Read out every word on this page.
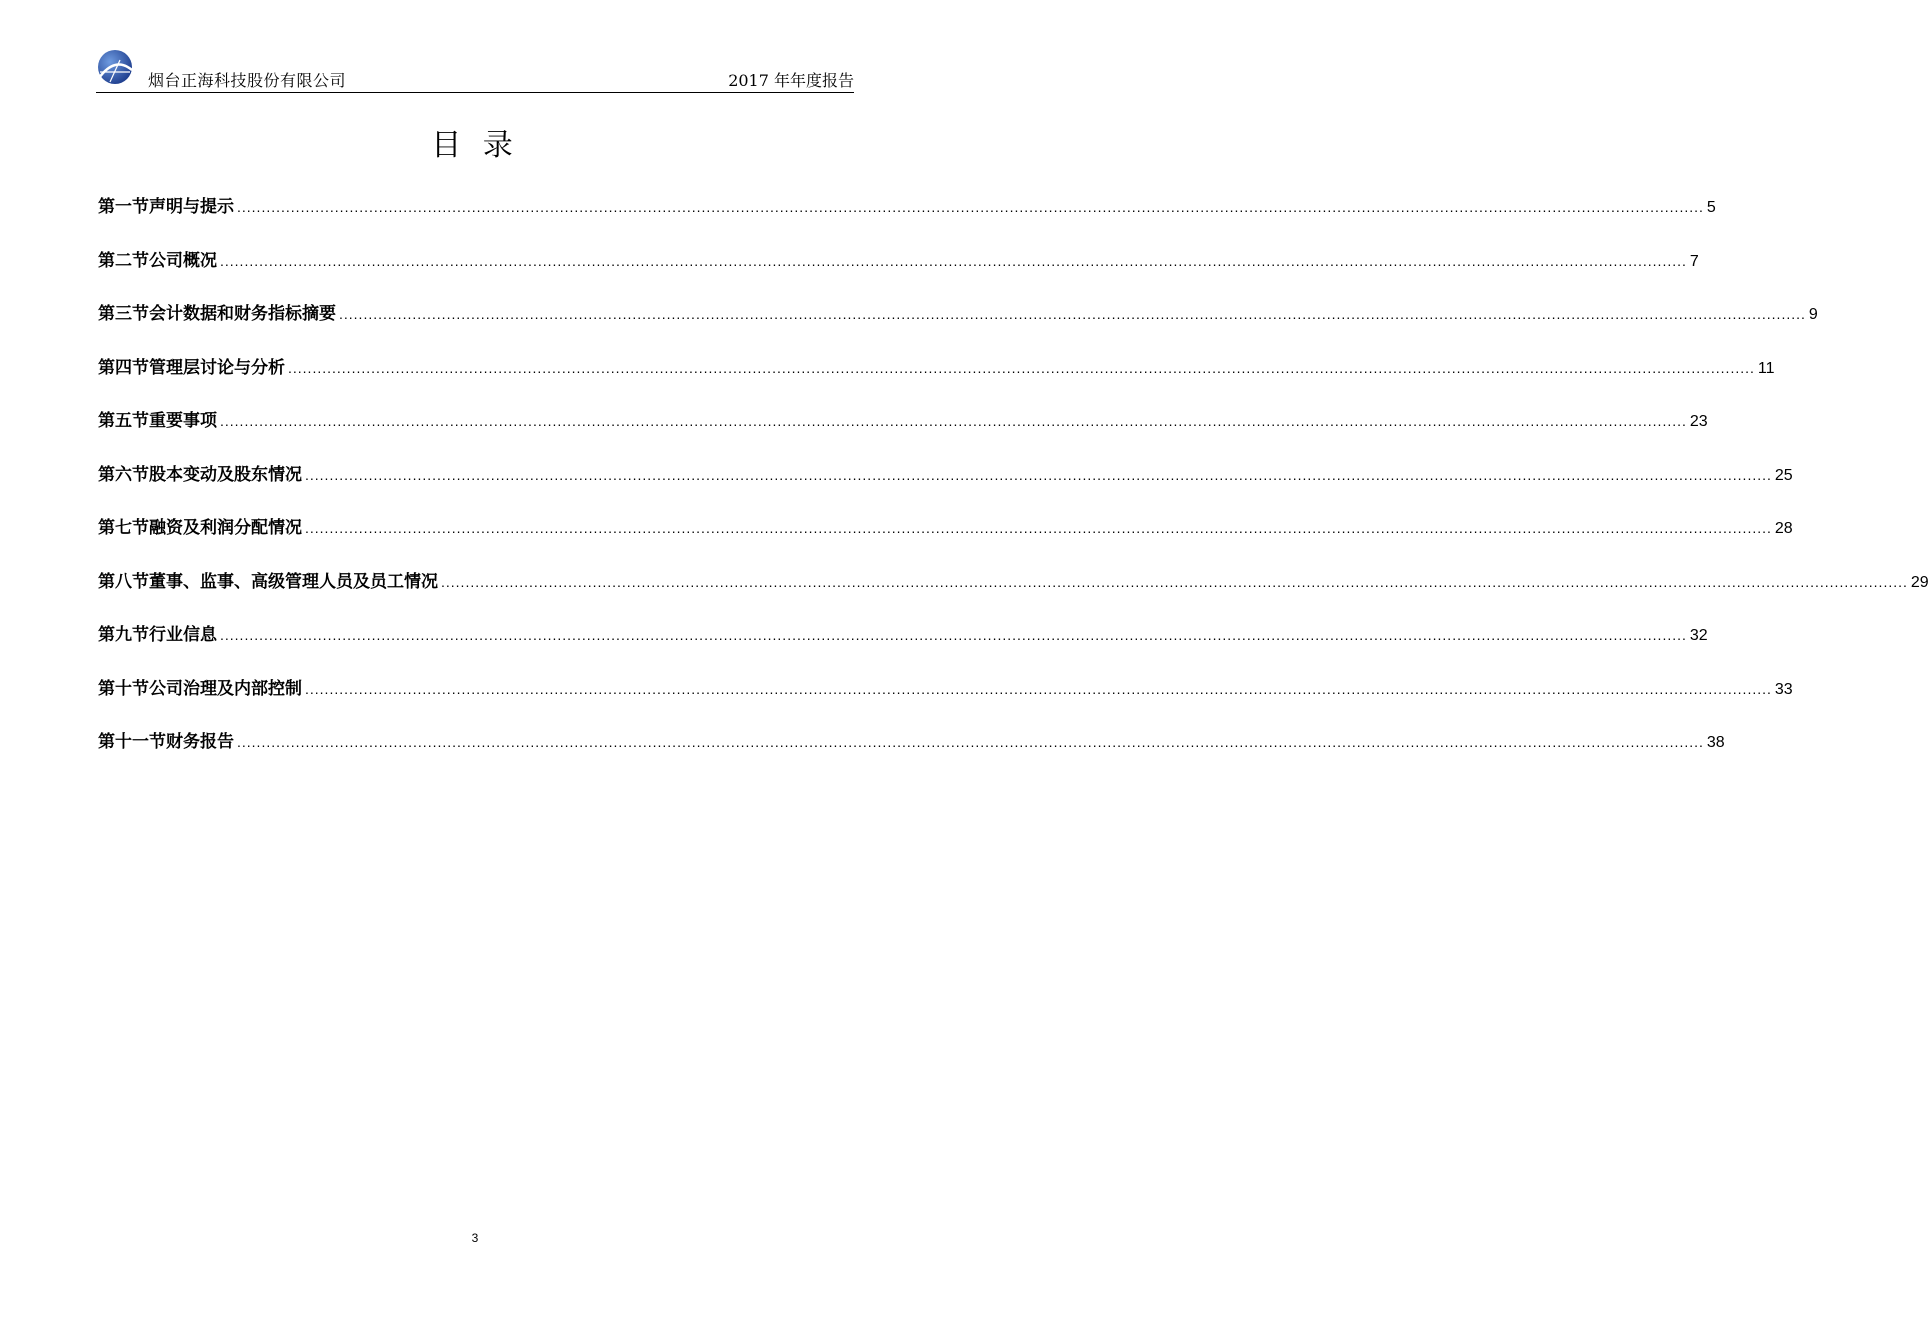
烟台正海科技股份有限公司	2017 年年度报告
目 录
第一节 声明与提示 ............................................................................................................................................................................................................................................................................................................ 5
第二节 公司概况 ............................................................................................................................................................................................................................................................................................................ 7
第三节 会计数据和财务指标摘要 ............................................................................................................................................................................................................................................................................................................ 9
第四节 管理层讨论与分析 ............................................................................................................................................................................................................................................................................................................ 11
第五节 重要事项 ............................................................................................................................................................................................................................................................................................................ 23
第六节 股本变动及股东情况 ............................................................................................................................................................................................................................................................................................................ 25
第七节 融资及利润分配情况 ............................................................................................................................................................................................................................................................................................................ 28
第八节 董事、监事、高级管理人员及员工情况 ............................................................................................................................................................................................................................................................................................................ 29
第九节 行业信息 ............................................................................................................................................................................................................................................................................................................ 32
第十节 公司治理及内部控制 ............................................................................................................................................................................................................................................................................................................ 33
第十一节 财务报告 ............................................................................................................................................................................................................................................................................................................ 38
3
